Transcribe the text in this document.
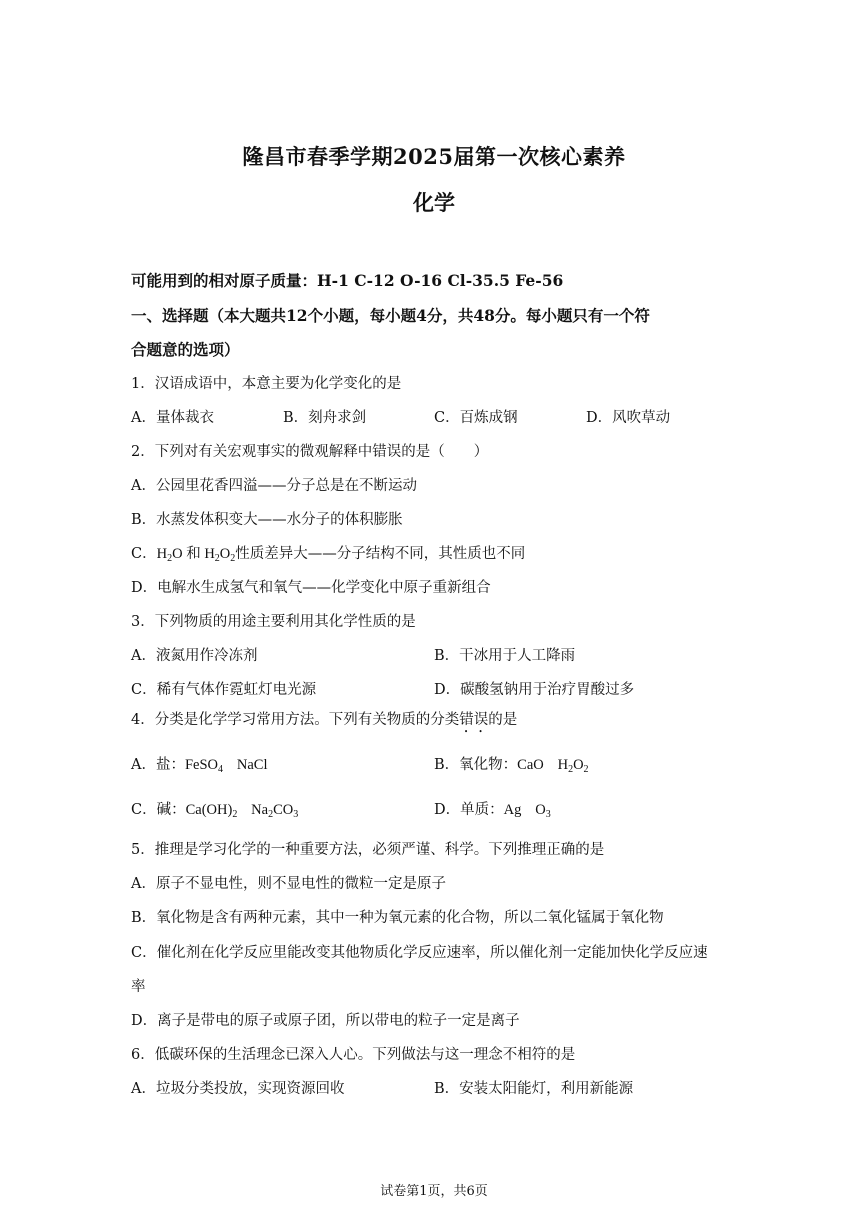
隆昌市春季学期2025届第一次核心素养
化学
可能用到的相对原子质量：H-1 C-12 O-16 Cl-35.5 Fe-56
一、选择题（本大题共12个小题，每小题4分，共48分。每小题只有一个符
合题意的选项）
1．汉语成语中，本意主要为化学变化的是
A．量体裁衣	B．刻舟求剑	C．百炼成钢	D．风吹草动
2．下列对有关宏观事实的微观解释中错误的是（　　）
A．公园里花香四溢——分子总是在不断运动
B．水蒸发体积变大——水分子的体积膨胀
C．$H_2O$ 和 $H_2O_2$性质差异大——分子结构不同，其性质也不同
D．电解水生成氢气和氧气——化学变化中原子重新组合
3．下列物质的用途主要利用其化学性质的是
A．液氮用作冷冻剂	B．干冰用于人工降雨
C．稀有气体作霓虹灯电光源	D．碳酸氢钠用于治疗胃酸过多
4．分类是化学学习常用方法。下列有关物质的分类错误的是
A．盐：FeSO$_4$ NaCl	B．氧化物：CaO $H_2O_2$
C．碱：$Ca(OH)_2$ $Na_2CO_3$	D．单质：Ag $O_3$
5．推理是学习化学的一种重要方法，必须严谨、科学。下列推理正确的是
A．原子不显电性，则不显电性的微粒一定是原子
B．氧化物是含有两种元素，其中一种为氧元素的化合物，所以二氧化锰属于氧化物
C．催化剂在化学反应里能改变其他物质化学反应速率，所以催化剂一定能加快化学反应速
率
D．离子是带电的原子或原子团，所以带电的粒子一定是离子
6．低碳环保的生活理念已深入人心。下列做法与这一理念不相符的是
A．垃圾分类投放，实现资源回收	B．安装太阳能灯，利用新能源
试卷第1页，共6页
